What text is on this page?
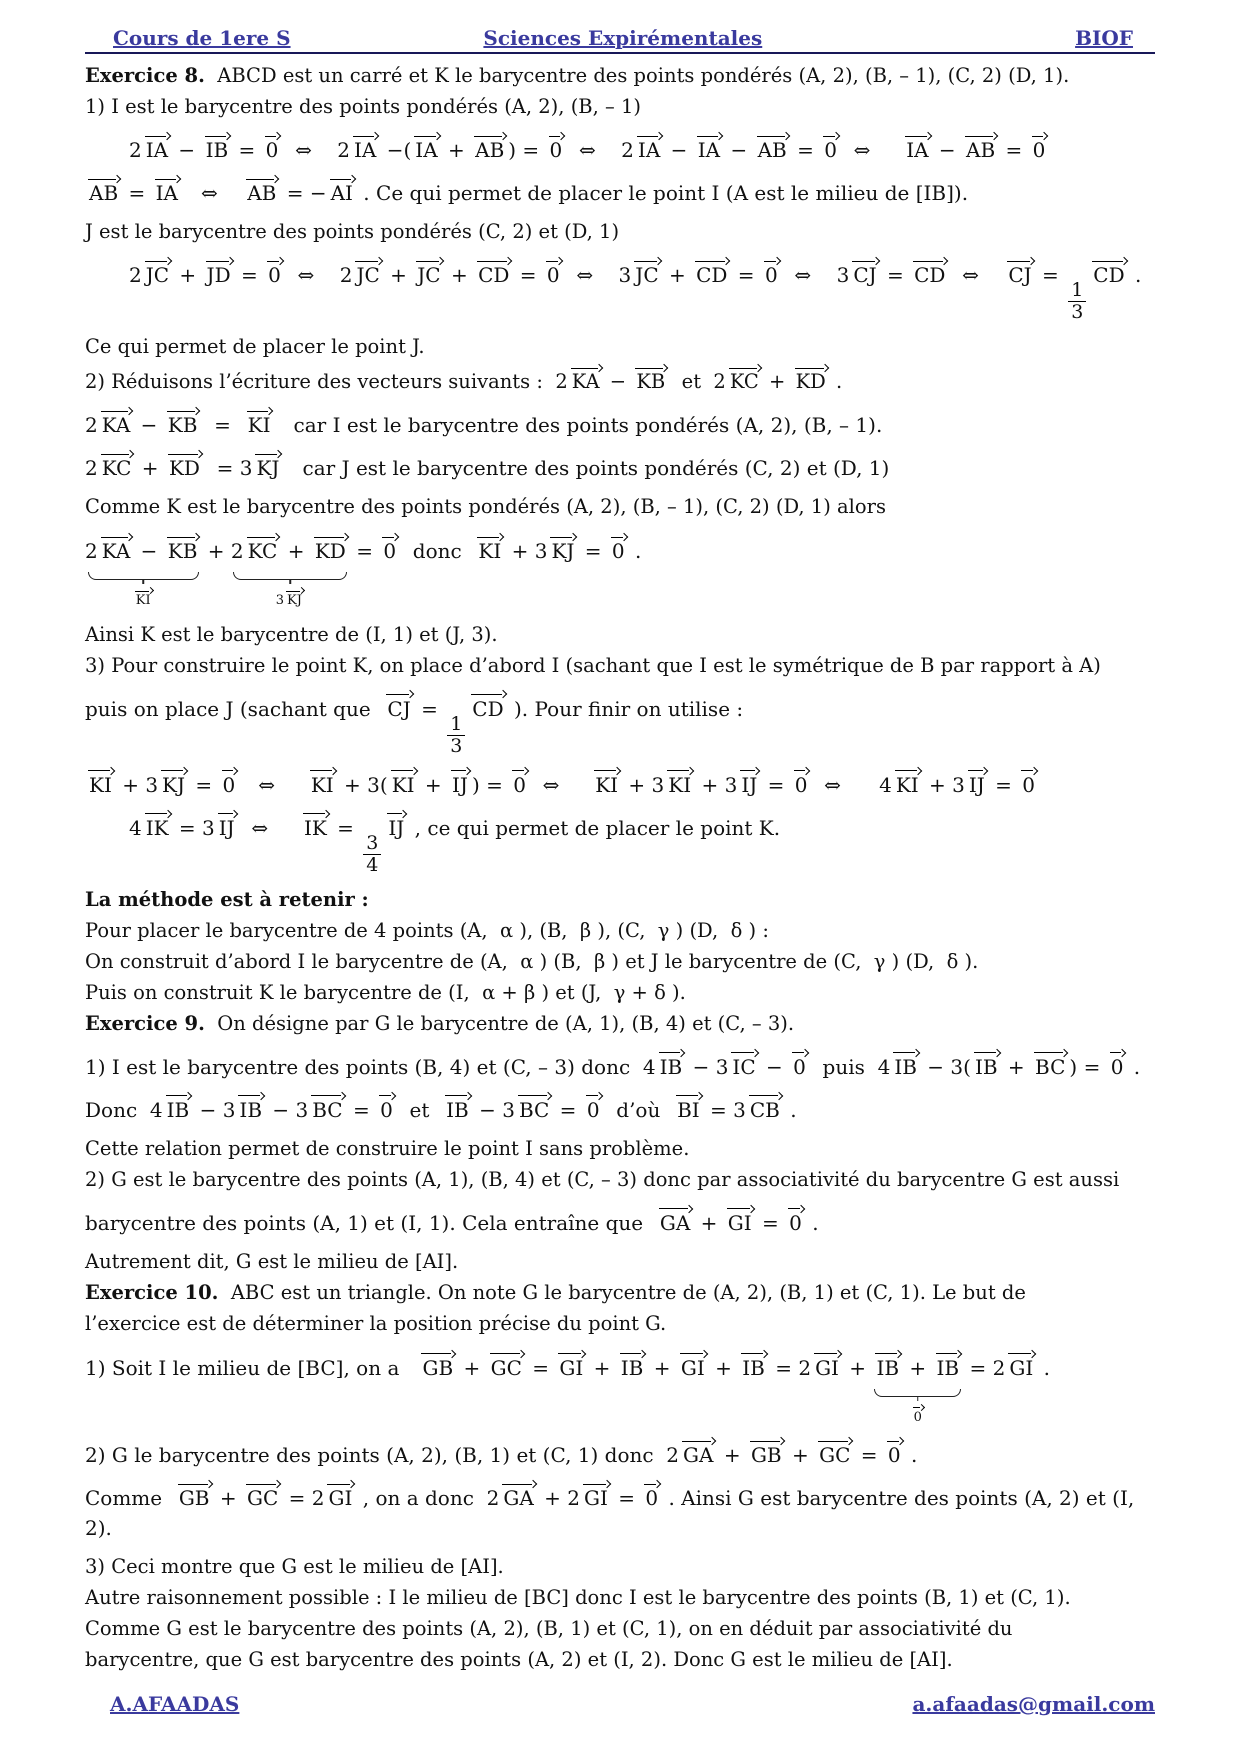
Cours de 1ere S	Sciences Expirémentales	BIOF
Exercice 8.  ABCD est un carré et K le barycentre des points pondérés (A, 2), (B, – 1), (C, 2) (D, 1).
1) I est le barycentre des points pondérés (A, 2), (B, – 1)
2 IA − IB = 0  ⇔    2 IA −( IA + AB ) = 0  ⇔    2 IA − IA − AB = 0  ⇔     IA − AB = 0
AB = IA   ⇔    AB = − AI . Ce qui permet de placer le point I (A est le milieu de [IB]).
J est le barycentre des points pondérés (C, 2) et (D, 1)
2 JC + JD = 0  ⇔    2 JC + JC + CD = 0  ⇔    3 JC + CD = 0  ⇔    3 CJ = CD  ⇔    CJ =
$\frac{1}{3}$
CD .
Ce qui permet de placer le point J.
2) Réduisons l’écriture des vecteurs suivants :  2 KA − KB  et  2 KC + KD .
2 KA − KB  =  KI   car I est le barycentre des points pondérés (A, 2), (B, – 1).
2 KC + KD  = 3 KJ   car J est le barycentre des points pondérés (C, 2) et (D, 1)
Comme K est le barycentre des points pondérés (A, 2), (B, – 1), (C, 2) (D, 1) alors
2 KA − KB
KI
+ 2 KC + KD
3 KJ
= 0  donc  KI + 3 KJ = 0 .
Ainsi K est le barycentre de (I, 1) et (J, 3).
3) Pour construire le point K, on place d’abord I (sachant que I est le symétrique de B par rapport à A)
puis on place J (sachant que  CJ =
$\frac{1}{3}$
CD ). Pour finir on utilise :
KI + 3 KJ = 0   ⇔     KI + 3( KI + IJ ) = 0  ⇔     KI + 3 KI + 3 IJ = 0  ⇔      4 KI + 3 IJ = 0
4 IK = 3 IJ  ⇔     IK =
$\frac{3}{4}$
IJ , ce qui permet de placer le point K.
La méthode est à retenir :
Pour placer le barycentre de 4 points (A,  α ), (B,  β ), (C,  γ ) (D,  δ ) :
On construit d’abord I le barycentre de (A,  α ) (B,  β ) et J le barycentre de (C,  γ ) (D,  δ ).
Puis on construit K le barycentre de (I,  α + β ) et (J,  γ + δ ).
Exercice 9.  On désigne par G le barycentre de (A, 1), (B, 4) et (C, – 3).
1) I est le barycentre des points (B, 4) et (C, – 3) donc  4 IB − 3 IC − 0  puis  4 IB − 3( IB + BC ) = 0 .
Donc  4 IB − 3 IB − 3 BC = 0  et  IB − 3 BC = 0  d’où  BI = 3 CB .
Cette relation permet de construire le point I sans problème.
2) G est le barycentre des points (A, 1), (B, 4) et (C, – 3) donc par associativité du barycentre G est aussi
barycentre des points (A, 1) et (I, 1). Cela entraîne que  GA + GI = 0 .
Autrement dit, G est le milieu de [AI].
Exercice 10.  ABC est un triangle. On note G le barycentre de (A, 2), (B, 1) et (C, 1). Le but de
l’exercice est de déterminer la position précise du point G.
1) Soit I le milieu de [BC], on a   GB + GC = GI + IB + GI + IB = 2 GI + IB + IB
0
= 2 GI .
2) G le barycentre des points (A, 2), (B, 1) et (C, 1) donc  2 GA + GB + GC = 0 .
Comme  GB + GC = 2 GI , on a donc  2 GA + 2 GI = 0 . Ainsi G est barycentre des points (A, 2) et (I, 2).
3) Ceci montre que G est le milieu de [AI].
Autre raisonnement possible : I le milieu de [BC] donc I est le barycentre des points (B, 1) et (C, 1).
Comme G est le barycentre des points (A, 2), (B, 1) et (C, 1), on en déduit par associativité du
barycentre, que G est barycentre des points (A, 2) et (I, 2). Donc G est le milieu de [AI].
A.AFAADAS	a.afaadas@gmail.com
